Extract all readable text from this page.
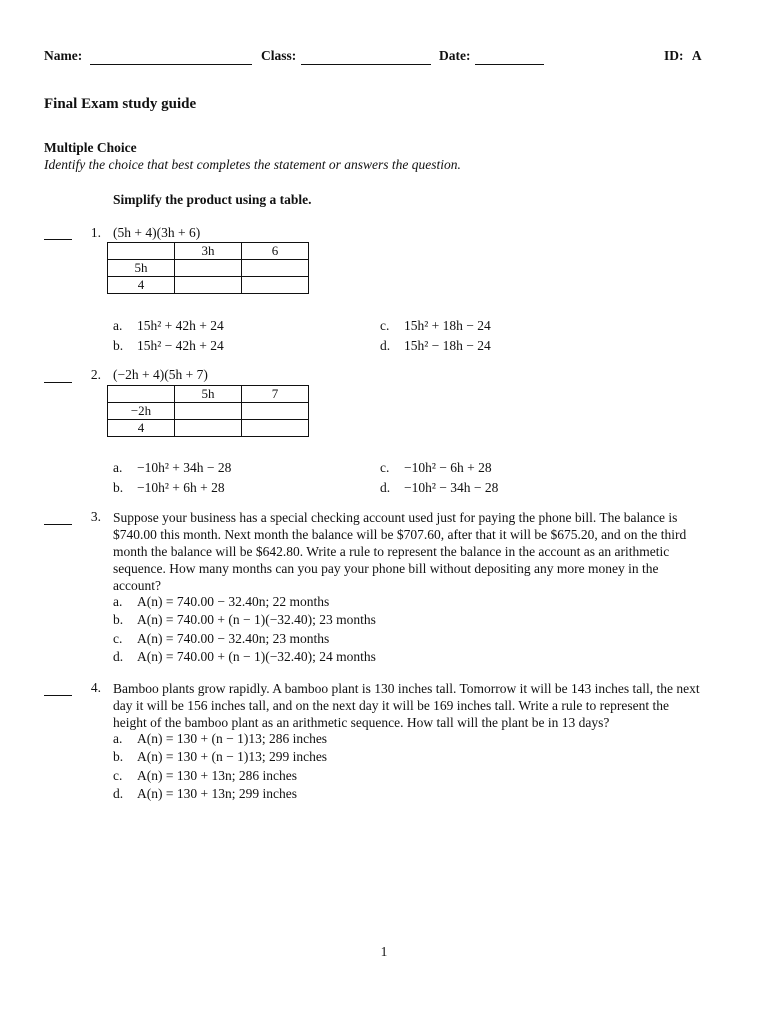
Name:	Class:	Date:	ID: A
Final Exam study guide
Multiple Choice
Identify the choice that best completes the statement or answers the question.
Simplify the product using a table.
1. (5h + 4)(3h + 6)
	3h	6
5h		
4		
a. 15h² + 42h + 24
b. 15h² − 42h + 24
c. 15h² + 18h − 24
d. 15h² − 18h − 24
2. (−2h + 4)(5h + 7)
	5h	7
−2h		
4		
a. −10h² + 34h − 28
b. −10h² + 6h + 28
c. −10h² − 6h + 28
d. −10h² − 34h − 28
3. Suppose your business has a special checking account used just for paying the phone bill. The balance is
$740.00 this month. Next month the balance will be $707.60, after that it will be $675.20, and on the third
month the balance will be $642.80. Write a rule to represent the balance in the account as an arithmetic
sequence. How many months can you pay your phone bill without depositing any more money in the
account?
a. A(n) = 740.00 − 32.40n; 22 months
b. A(n) = 740.00 + (n − 1)(−32.40); 23 months
c. A(n) = 740.00 − 32.40n; 23 months
d. A(n) = 740.00 + (n − 1)(−32.40); 24 months
4. Bamboo plants grow rapidly. A bamboo plant is 130 inches tall. Tomorrow it will be 143 inches tall, the next
day it will be 156 inches tall, and on the next day it will be 169 inches tall. Write a rule to represent the
height of the bamboo plant as an arithmetic sequence. How tall will the plant be in 13 days?
a. A(n) = 130 + (n − 1)13; 286 inches
b. A(n) = 130 + (n − 1)13; 299 inches
c. A(n) = 130 + 13n; 286 inches
d. A(n) = 130 + 13n; 299 inches
1
